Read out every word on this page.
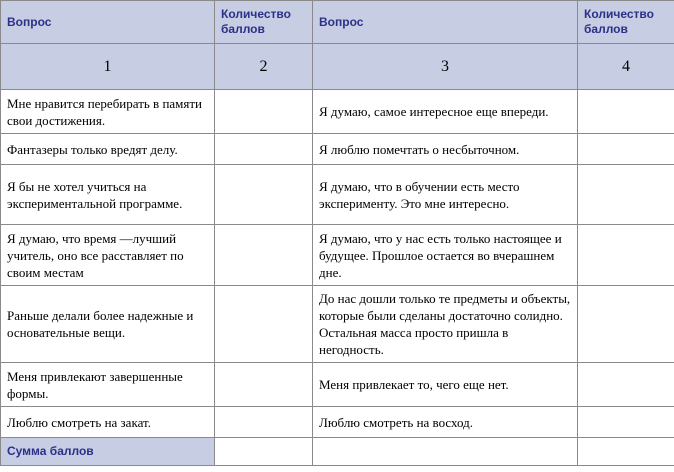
Вопрос	Количество баллов	Вопрос	Количество баллов
1	2	3	4
Мне нравится перебирать в памяти свои достижения.		Я думаю, самое интересное еще впереди.	
Фантазеры только вредят делу.		Я люблю помечтать о несбыточном.	
Я бы не хотел учиться на экспериментальной программе.		Я думаю, что в обучении есть место эксперименту. Это мне интересно.	
Я думаю, что время —лучший учитель, оно все расставляет по своим местам		Я думаю, что у нас есть только настоящее и будущее. Прошлое остается во вчерашнем дне.	
Раньше делали более надежные и основательные вещи.		До нас дошли только те предметы и объекты, которые были сделаны достаточно солидно. Остальная масса просто пришла в негодность.	
Меня привлекают завершенные формы.		Меня привлекает то, чего еще нет.	
Люблю смотреть на закат.		Люблю смотреть на восход.	
Сумма баллов			
